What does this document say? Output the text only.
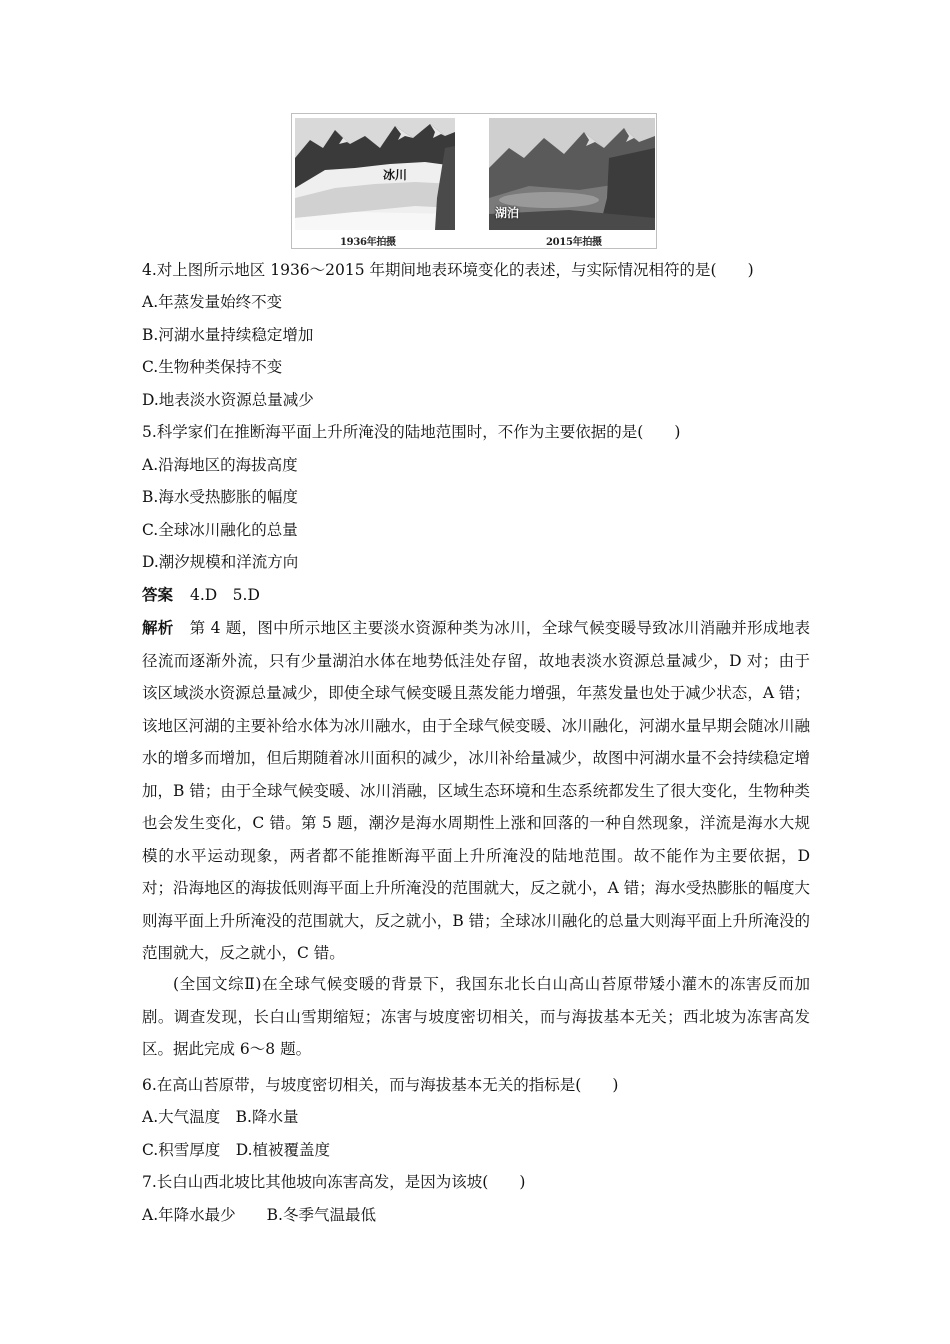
冰川
湖泊
1936年拍摄	2015年拍摄
4.对上图所示地区 1936～2015 年期间地表环境变化的表述，与实际情况相符的是(　　)
A.年蒸发量始终不变
B.河湖水量持续稳定增加
C.生物种类保持不变
D.地表淡水资源总量减少
5.科学家们在推断海平面上升所淹没的陆地范围时，不作为主要依据的是(　　)
A.沿海地区的海拔高度
B.海水受热膨胀的幅度
C.全球冰川融化的总量
D.潮汐规模和洋流方向
答案 4.D　5.D
解析 第 4 题，图中所示地区主要淡水资源种类为冰川，全球气候变暖导致冰川消融并形成地表径流而逐渐外流，只有少量湖泊水体在地势低洼处存留，故地表淡水资源总量减少，D 对；由于该区域淡水资源总量减少，即使全球气候变暖且蒸发能力增强，年蒸发量也处于减少状态，A 错；该地区河湖的主要补给水体为冰川融水，由于全球气候变暖、冰川融化，河湖水量早期会随冰川融水的增多而增加，但后期随着冰川面积的减少，冰川补给量减少，故图中河湖水量不会持续稳定增加，B 错；由于全球气候变暖、冰川消融，区域生态环境和生态系统都发生了很大变化，生物种类也会发生变化，C 错。第 5 题，潮汐是海水周期性上涨和回落的一种自然现象，洋流是海水大规模的水平运动现象，两者都不能推断海平面上升所淹没的陆地范围。故不能作为主要依据，D 对；沿海地区的海拔低则海平面上升所淹没的范围就大，反之就小，A 错；海水受热膨胀的幅度大则海平面上升所淹没的范围就大，反之就小，B 错；全球冰川融化的总量大则海平面上升所淹没的范围就大，反之就小，C 错。
(全国文综Ⅱ)在全球气候变暖的背景下，我国东北长白山高山苔原带矮小灌木的冻害反而加剧。调查发现，长白山雪期缩短；冻害与坡度密切相关，而与海拔基本无关；西北坡为冻害高发区。据此完成 6～8 题。
6.在高山苔原带，与坡度密切相关，而与海拔基本无关的指标是(　　)
A.大气温度　B.降水量
C.积雪厚度　D.植被覆盖度
7.长白山西北坡比其他坡向冻害高发，是因为该坡(　　)
A.年降水最少　　B.冬季气温最低
